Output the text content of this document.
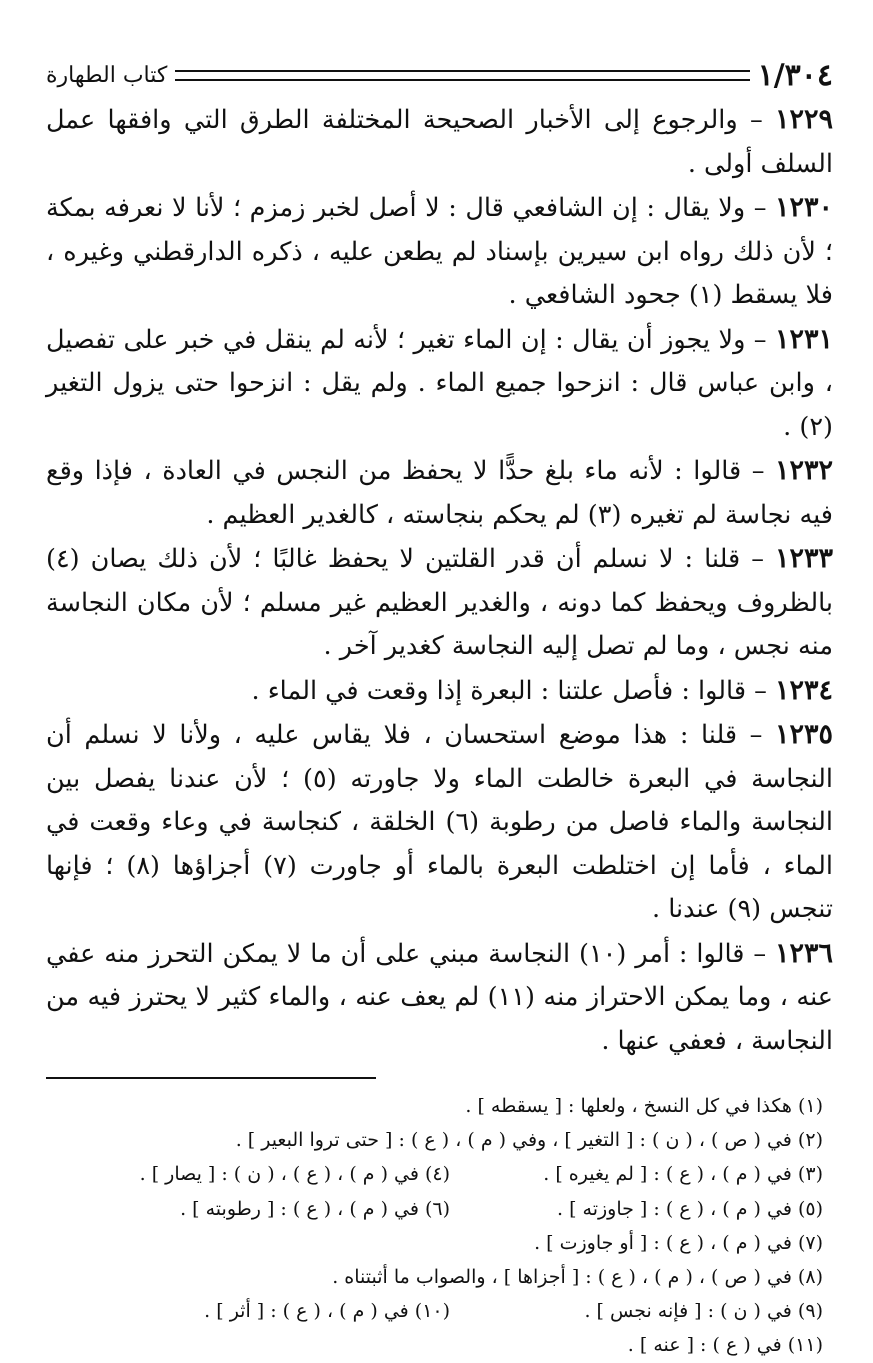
١/٣٠٤
كتاب الطهارة

١٢٢٩ – والرجوع إلى الأخبار الصحيحة المختلفة الطرق التي وافقها عمل السلف أولى .

١٢٣٠ – ولا يقال : إن الشافعي قال : لا أصل لخبر زمزم ؛ لأنا لا نعرفه بمكة ؛ لأن ذلك رواه ابن سيرين بإسناد لم يطعن عليه ، ذكره الدارقطني وغيره ، فلا يسقط (١) جحود الشافعي .

١٢٣١ – ولا يجوز أن يقال : إن الماء تغير ؛ لأنه لم ينقل في خبر على تفصيل ، وابن عباس قال : انزحوا جميع الماء . ولم يقل : انزحوا حتى يزول التغير (٢) .

١٢٣٢ – قالوا : لأنه ماء بلغ حدًّا لا يحفظ من النجس في العادة ، فإذا وقع فيه نجاسة لم تغيره (٣) لم يحكم بنجاسته ، كالغدير العظيم .

١٢٣٣ – قلنا : لا نسلم أن قدر القلتين لا يحفظ غالبًا ؛ لأن ذلك يصان (٤) بالظروف ويحفظ كما دونه ، والغدير العظيم غير مسلم ؛ لأن مكان النجاسة منه نجس ، وما لم تصل إليه النجاسة كغدير آخر .

١٢٣٤ – قالوا : فأصل علتنا : البعرة إذا وقعت في الماء .

١٢٣٥ – قلنا : هذا موضع استحسان ، فلا يقاس عليه ، ولأنا لا نسلم أن النجاسة في البعرة خالطت الماء ولا جاورته (٥) ؛ لأن عندنا يفصل بين النجاسة والماء فاصل من رطوبة (٦) الخلقة ، كنجاسة في وعاء وقعت في الماء ، فأما إن اختلطت البعرة بالماء أو جاورت (٧) أجزاؤها (٨) ؛ فإنها تنجس (٩) عندنا .

١٢٣٦ – قالوا : أمر (١٠) النجاسة مبني على أن ما لا يمكن التحرز منه عفي عنه ، وما يمكن الاحتراز منه (١١) لم يعف عنه ، والماء كثير لا يحترز فيه من النجاسة ، فعفي عنها .

(١) هكذا في كل النسخ ، ولعلها : [ يسقطه ] .
(٢) في ( ص ) ، ( ن ) : [ التغير ] ، وفي ( م ) ، ( ع ) : [ حتى تروا البعير ] .
(٣) في ( م ) ، ( ع ) : [ لم يغيره ] .
(٤) في ( م ) ، ( ع ) ، ( ن ) : [ يصار ] .
(٥) في ( م ) ، ( ع ) : [ جاوزته ] .
(٦) في ( م ) ، ( ع ) : [ رطوبته ] .
(٧) في ( م ) ، ( ع ) : [ أو جاوزت ] .
(٨) في ( ص ) ، ( م ) ، ( ع ) : [ أجزاها ] ، والصواب ما أثبتناه .
(٩) في ( ن ) : [ فإنه نجس ] .
(١٠) في ( م ) ، ( ع ) : [ أثر ] .
(١١) في ( ع ) : [ عنه ] .
